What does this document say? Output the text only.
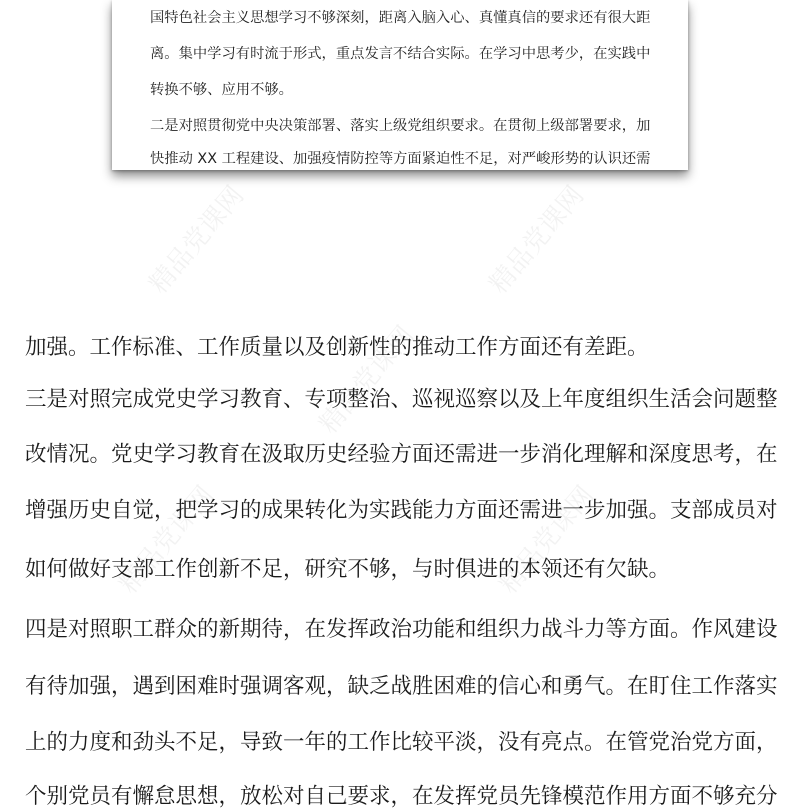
国特色社会主义思想学习不够深刻，距离入脑入心、真懂真信的要求还有很大距
离。集中学习有时流于形式，重点发言不结合实际。在学习中思考少，在实践中
转换不够、应用不够。
二是对照贯彻党中央决策部署、落实上级党组织要求。在贯彻上级部署要求，加
快推动 XX 工程建设、加强疫情防控等方面紧迫性不足，对严峻形势的认识还需
精品党课网	精品党课网
精品党课网
精品党课网	精品党课网
加强。工作标准、工作质量以及创新性的推动工作方面还有差距。
三是对照完成党史学习教育、专项整治、巡视巡察以及上年度组织生活会问题整
改情况。党史学习教育在汲取历史经验方面还需进一步消化理解和深度思考，在
增强历史自觉，把学习的成果转化为实践能力方面还需进一步加强。支部成员对
如何做好支部工作创新不足，研究不够，与时俱进的本领还有欠缺。
四是对照职工群众的新期待，在发挥政治功能和组织力战斗力等方面。作风建设
有待加强，遇到困难时强调客观，缺乏战胜困难的信心和勇气。在盯住工作落实
上的力度和劲头不足，导致一年的工作比较平淡，没有亮点。在管党治党方面，
个别党员有懈怠思想，放松对自己要求，在发挥党员先锋模范作用方面不够充分
